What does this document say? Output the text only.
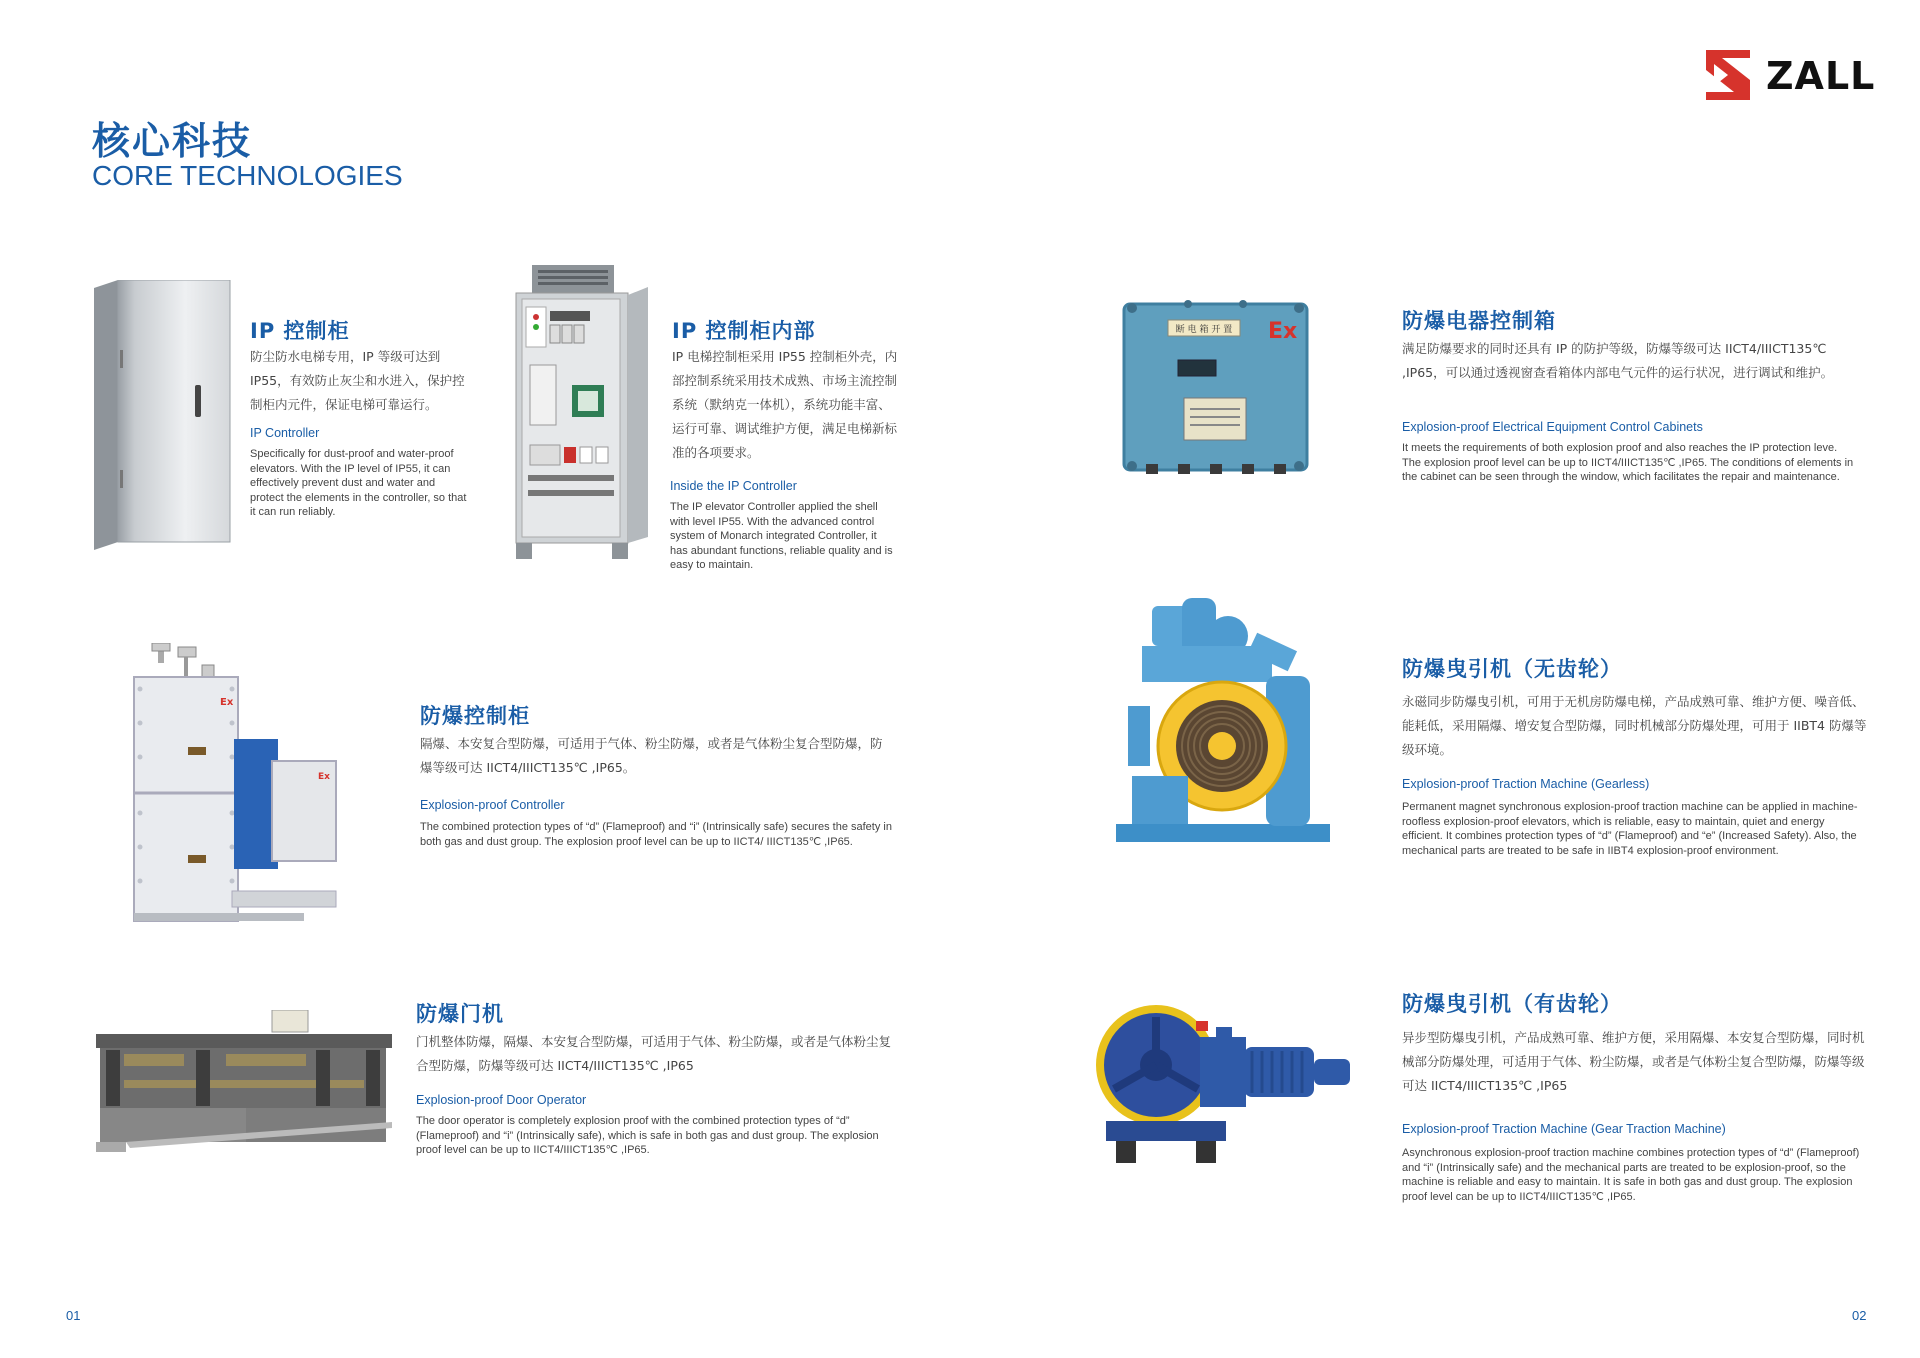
ZALL
核心科技
CORE TECHNOLOGIES
IP 控制柜
防尘防水电梯专用，IP 等级可达到 IP55，有效防止灰尘和水进入，保护控制柜内元件，保证电梯可靠运行。
IP Controller
Specifically for dust-proof and water-proof elevators. With the IP level of IP55, it can effectively prevent dust and water and protect the elements in the controller, so that it can run reliably.
IP 控制柜内部
IP 电梯控制柜采用 IP55 控制柜外壳，内部控制系统采用技术成熟、市场主流控制系统（默纳克一体机），系统功能丰富、运行可靠、调试维护方便，满足电梯新标准的各项要求。
Inside the IP Controller
The IP elevator Controller applied the shell with level IP55. With the advanced control system of Monarch integrated Controller, it has abundant functions, reliable quality and is easy to maintain.
断 电 箱 开 置 Ex	防爆电器控制箱
满足防爆要求的同时还具有 IP 的防护等级，防爆等级可达 IICT4/IIICT135℃ ,IP65，可以通过透视窗查看箱体内部电气元件的运行状况，进行调试和维护。
Explosion-proof Electrical Equipment Control Cabinets
It meets the requirements of both explosion proof and also reaches the IP protection leve. The explosion proof level can be up to IICT4/IIICT135℃ ,IP65. The conditions of elements in the cabinet can be seen through the window, which facilitates the repair and maintenance.
Ex
Ex
防爆控制柜
隔爆、本安复合型防爆，可适用于气体、粉尘防爆，或者是气体粉尘复合型防爆，防爆等级可达 IICT4/IIICT135℃ ,IP65。
Explosion-proof Controller
The combined protection types of “d” (Flameproof) and “i” (Intrinsically safe) secures the safety in both gas and dust group. The explosion proof level can be up to IICT4/ IIICT135℃ ,IP65.
防爆曳引机（无齿轮）
永磁同步防爆曳引机，可用于无机房防爆电梯，产品成熟可靠、维护方便、噪音低、能耗低，采用隔爆、增安复合型防爆，同时机械部分防爆处理，可用于 IIBT4 防爆等级环境。
Explosion-proof Traction Machine (Gearless)
Permanent magnet synchronous explosion-proof traction machine can be applied in machine-roofless explosion-proof elevators, which is reliable, easy to maintain, quiet and energy efficient. It combines protection types of “d” (Flameproof) and “e” (Increased Safety). Also, the mechanical parts are treated to be safe in IIBT4 explosion-proof environment.
防爆门机
门机整体防爆，隔爆、本安复合型防爆，可适用于气体、粉尘防爆，或者是气体粉尘复合型防爆，防爆等级可达 IICT4/IIICT135℃ ,IP65
Explosion-proof Door Operator
The door operator is completely explosion proof with the combined protection types of “d” (Flameproof) and “i” (Intrinsically safe), which is safe in both gas and dust group. The explosion proof level can be up to IICT4/IIICT135℃ ,IP65.
防爆曳引机（有齿轮）
异步型防爆曳引机，产品成熟可靠、维护方便，采用隔爆、本安复合型防爆，同时机械部分防爆处理，可适用于气体、粉尘防爆，或者是气体粉尘复合型防爆，防爆等级可达 IICT4/IIICT135℃ ,IP65
Explosion-proof Traction Machine (Gear Traction Machine)
Asynchronous explosion-proof traction machine combines protection types of “d” (Flameproof) and “i” (Intrinsically safe) and the mechanical parts are treated to be explosion-proof, so the machine is reliable and easy to maintain. It is safe in both gas and dust group. The explosion proof level can be up to IICT4/IIICT135℃ ,IP65.
01	02
